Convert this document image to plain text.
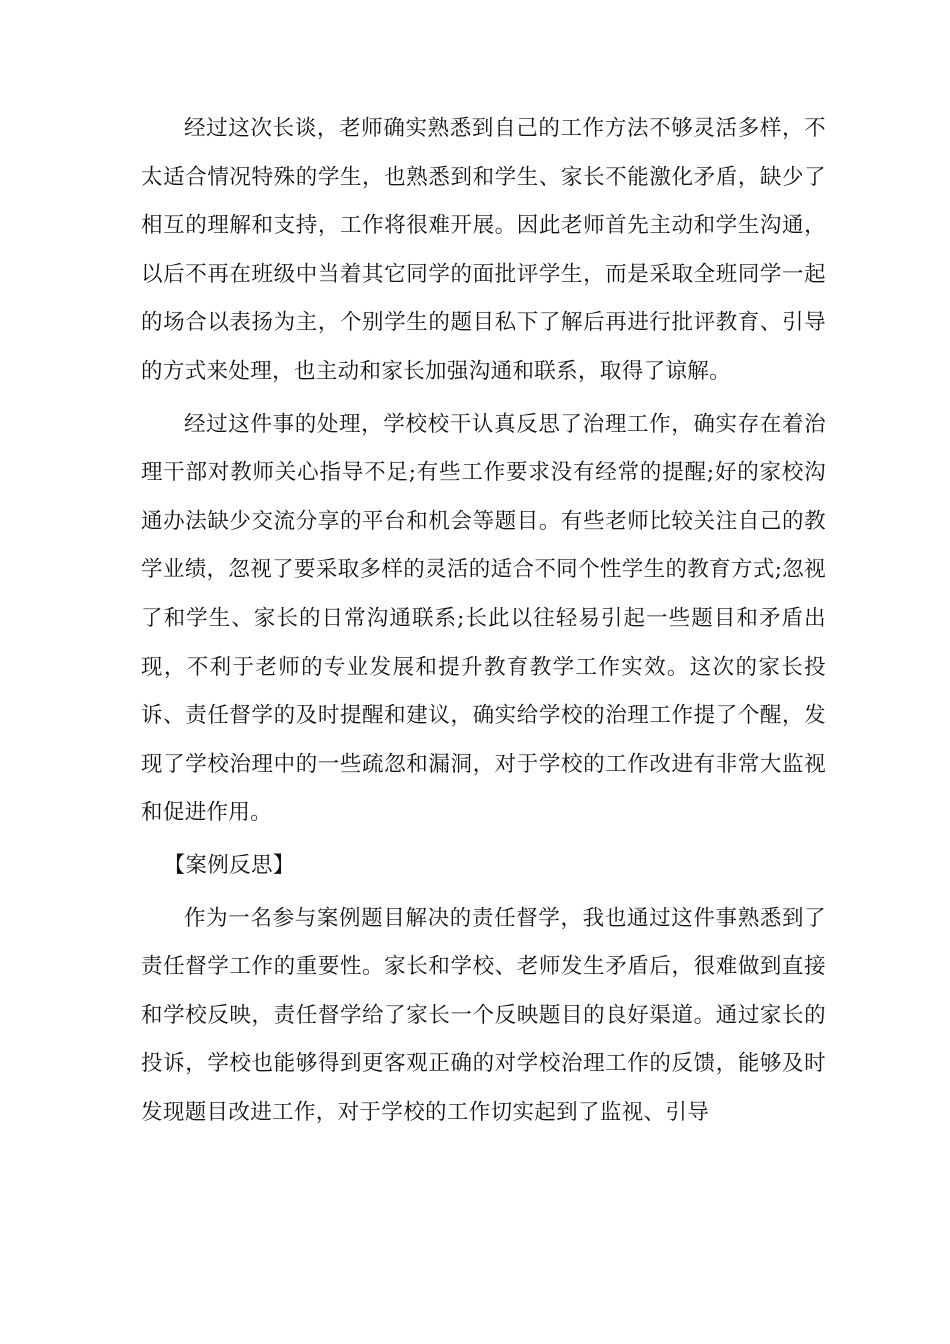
经过这次长谈，老师确实熟悉到自己的工作方法不够灵活多样，不太适合情况特殊的学生，也熟悉到和学生、家长不能激化矛盾，缺少了相互的理解和支持，工作将很难开展。因此老师首先主动和学生沟通，以后不再在班级中当着其它同学的面批评学生，而是采取全班同学一起的场合以表扬为主，个别学生的题目私下了解后再进行批评教育、引导的方式来处理，也主动和家长加强沟通和联系，取得了谅解。

经过这件事的处理，学校校干认真反思了治理工作，确实存在着治理干部对教师关心指导不足;有些工作要求没有经常的提醒;好的家校沟通办法缺少交流分享的平台和机会等题目。有些老师比较关注自己的教学业绩，忽视了要采取多样的灵活的适合不同个性学生的教育方式;忽视了和学生、家长的日常沟通联系;长此以往轻易引起一些题目和矛盾出现，不利于老师的专业发展和提升教育教学工作实效。这次的家长投诉、责任督学的及时提醒和建议，确实给学校的治理工作提了个醒，发现了学校治理中的一些疏忽和漏洞，对于学校的工作改进有非常大监视和促进作用。

【案例反思】

作为一名参与案例题目解决的责任督学，我也通过这件事熟悉到了责任督学工作的重要性。家长和学校、老师发生矛盾后，很难做到直接和学校反映，责任督学给了家长一个反映题目的良好渠道。通过家长的投诉，学校也能够得到更客观正确的对学校治理工作的反馈，能够及时发现题目改进工作，对于学校的工作切实起到了监视、引导
